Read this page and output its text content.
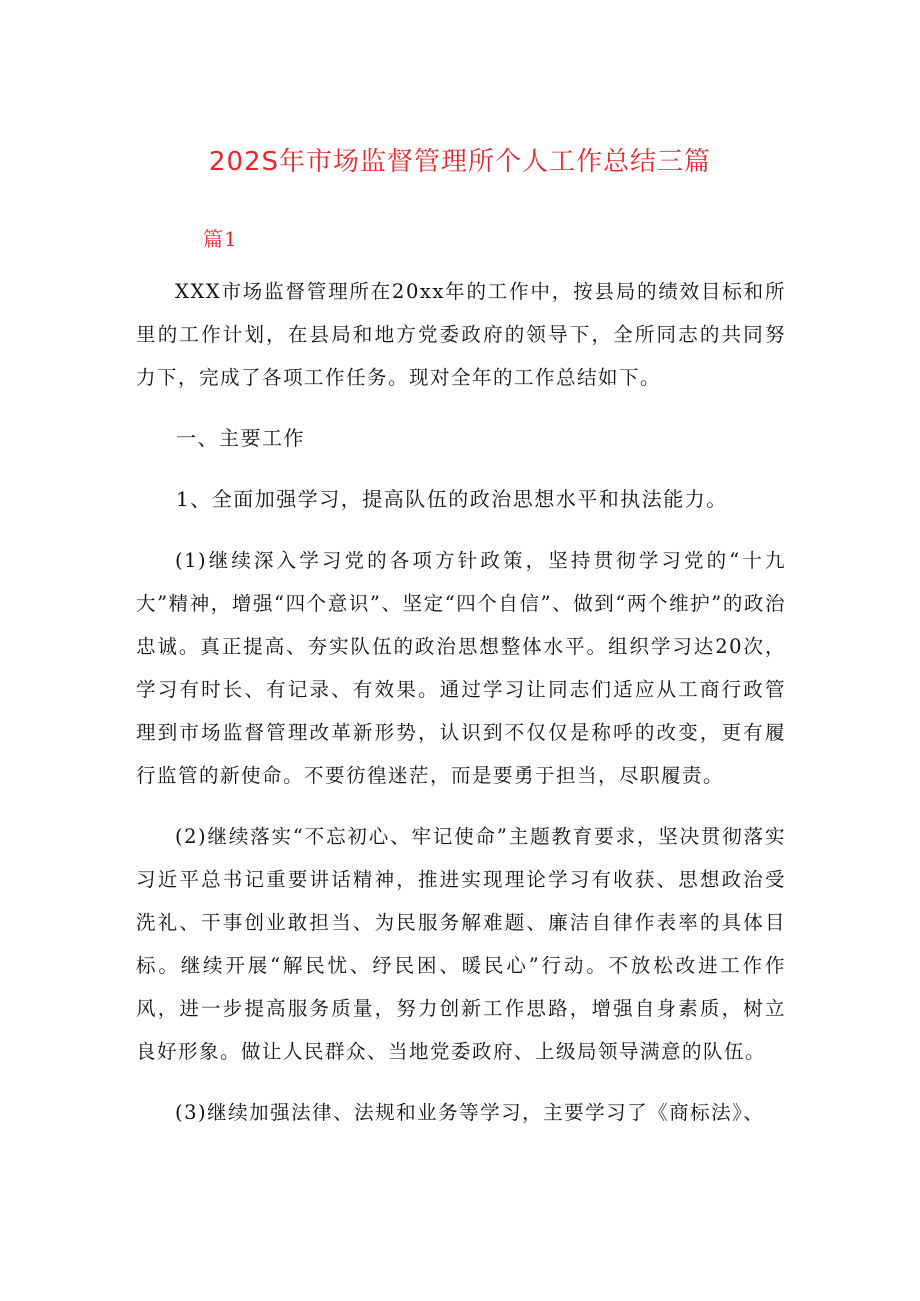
202S年市场监督管理所个人工作总结三篇
篇1

XXX市场监督管理所在20xx年的工作中，按县局的绩效目标和所里的工作计划，在县局和地方党委政府的领导下，全所同志的共同努力下，完成了各项工作任务。现对全年的工作总结如下。

一、主要工作

1、全面加强学习，提高队伍的政治思想水平和执法能力。

(1)继续深入学习党的各项方针政策，坚持贯彻学习党的“十九大”精神，增强“四个意识”、坚定“四个自信”、做到“两个维护”的政治忠诚。真正提高、夯实队伍的政治思想整体水平。组织学习达20次，学习有时长、有记录、有效果。通过学习让同志们适应从工商行政管理到市场监督管理改革新形势，认识到不仅仅是称呼的改变，更有履行监管的新使命。不要彷徨迷茫，而是要勇于担当，尽职履责。

(2)继续落实“不忘初心、牢记使命”主题教育要求，坚决贯彻落实习近平总书记重要讲话精神，推进实现理论学习有收获、思想政治受洗礼、干事创业敢担当、为民服务解难题、廉洁自律作表率的具体目标。继续开展“解民忧、纾民困、暖民心”行动。不放松改进工作作风，进一步提高服务质量，努力创新工作思路，增强自身素质，树立良好形象。做让人民群众、当地党委政府、上级局领导满意的队伍。

(3)继续加强法律、法规和业务等学习，主要学习了《商标法》、
